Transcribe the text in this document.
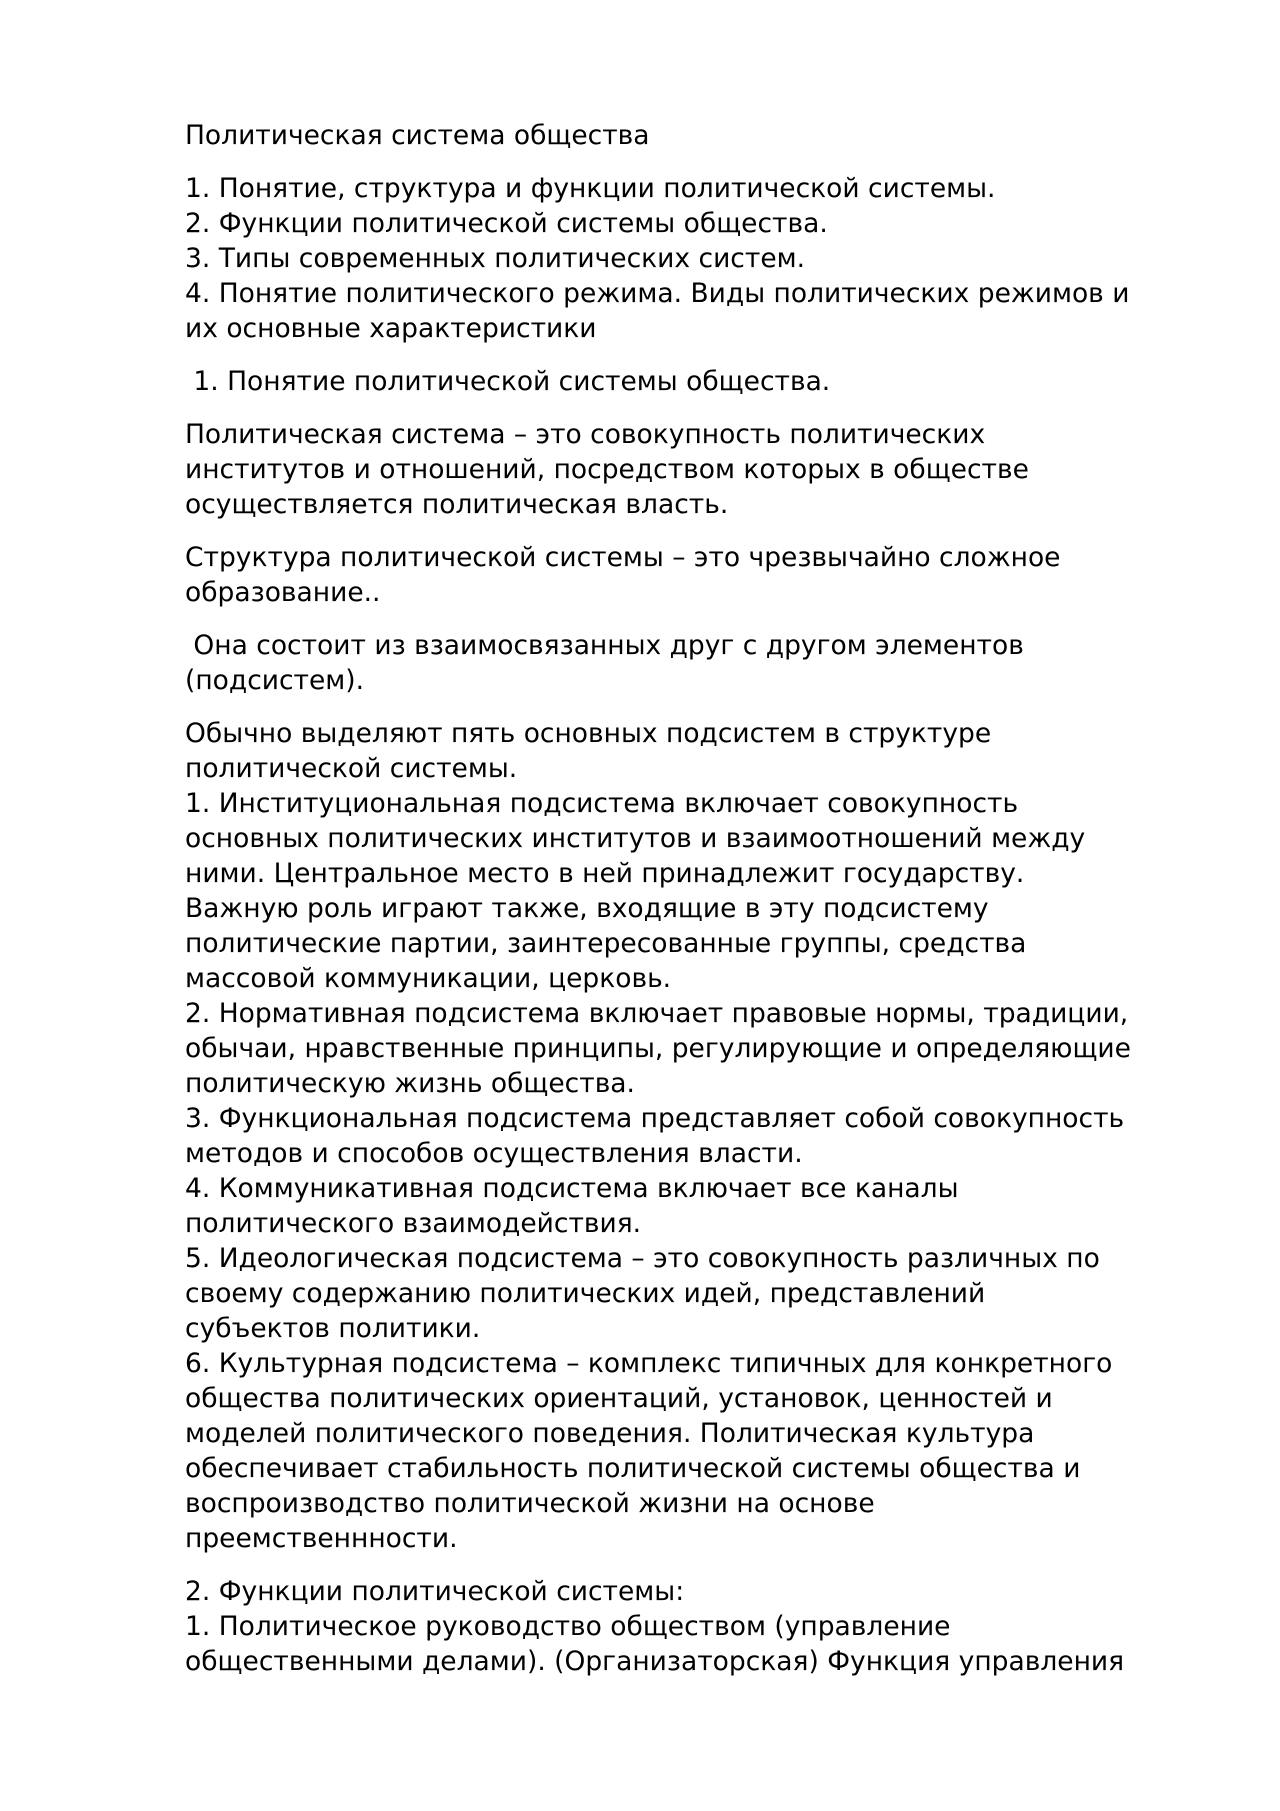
Политическая система общества
1. Понятие, структура и функции политической системы.
2. Функции политической системы общества.
3. Типы современных политических систем.
4. Понятие политического режима. Виды политических режимов и
их основные характеристики
1. Понятие политической системы общества.
Политическая система – это совокупность политических
институтов и отношений, посредством которых в обществе
осуществляется политическая власть.
Структура политической системы – это чрезвычайно сложное
образование..
Она состоит из взаимосвязанных друг с другом элементов
(подсистем).
Обычно выделяют пять основных подсистем в структуре
политической системы.
1. Институциональная подсистема включает совокупность
основных политических институтов и взаимоотношений между
ними. Центральное место в ней принадлежит государству.
Важную роль играют также, входящие в эту подсистему
политические партии, заинтересованные группы, средства
массовой коммуникации, церковь.
2. Нормативная подсистема включает правовые нормы, традиции,
обычаи, нравственные принципы, регулирующие и определяющие
политическую жизнь общества.
3. Функциональная подсистема представляет собой совокупность
методов и способов осуществления власти.
4. Коммуникативная подсистема включает все каналы
политического взаимодействия.
5. Идеологическая подсистема – это совокупность различных по
своему содержанию политических идей, представлений
субъектов политики.
6. Культурная подсистема – комплекс типичных для конкретного
общества политических ориентаций, установок, ценностей и
моделей политического поведения. Политическая культура
обеспечивает стабильность политической системы общества и
воспроизводство политической жизни на основе
преемственнности.
2. Функции политической системы:
1. Политическое руководство обществом (управление
общественными делами). (Организаторская) Функция управления
